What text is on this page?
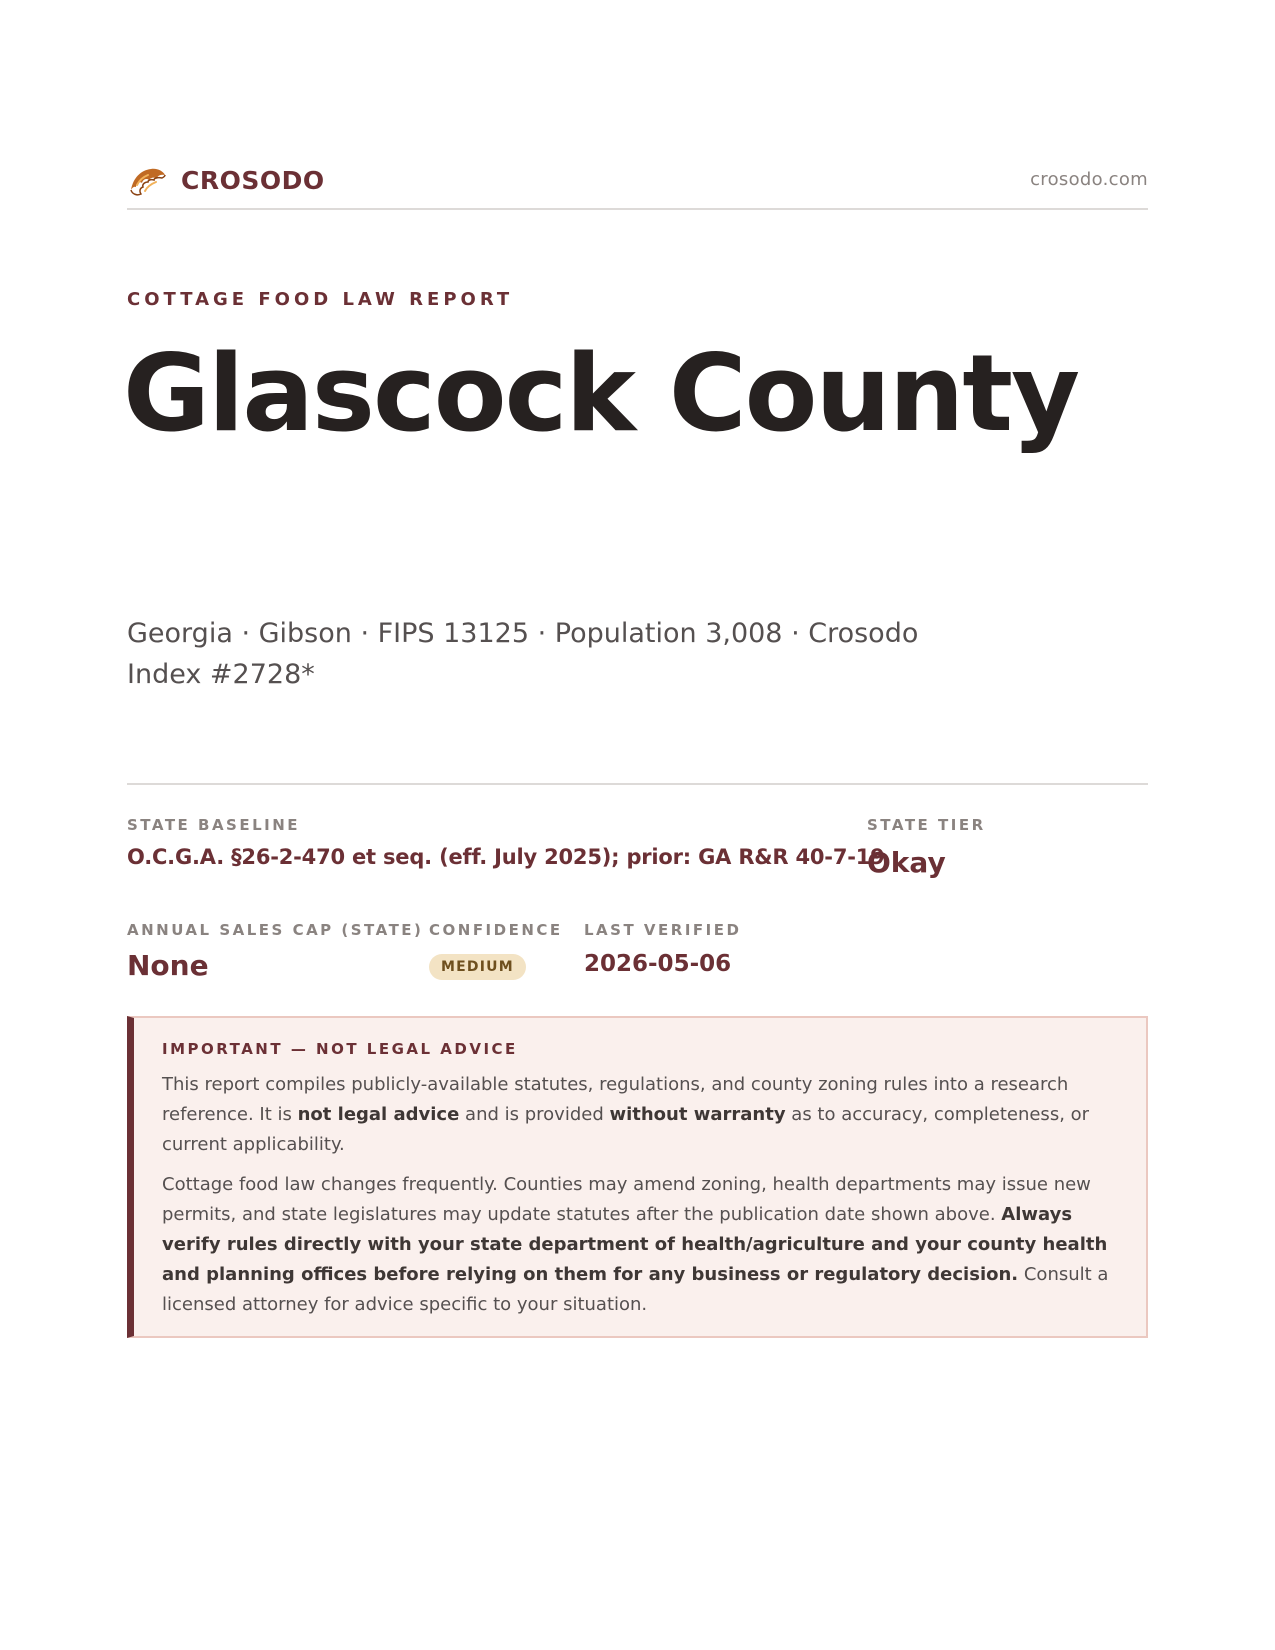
CROSODO	crosodo.com
COTTAGE FOOD LAW REPORT
Glascock County
Georgia · Gibson · FIPS 13125 · Population 3,008 · Crosodo Index #2728*
STATE BASELINE
O.C.G.A. §26-2-470 et seq. (eff. July 2025); prior: GA R&R 40-7-19
STATE TIER
Okay
ANNUAL SALES CAP (STATE)
None
CONFIDENCE
MEDIUM
LAST VERIFIED
2026-05-06
IMPORTANT — NOT LEGAL ADVICE

This report compiles publicly-available statutes, regulations, and county zoning rules into a research reference. It is not legal advice and is provided without warranty as to accuracy, completeness, or current applicability.

Cottage food law changes frequently. Counties may amend zoning, health departments may issue new permits, and state legislatures may update statutes after the publication date shown above. Always verify rules directly with your state department of health/agriculture and your county health and planning offices before relying on them for any business or regulatory decision. Consult a licensed attorney for advice specific to your situation.
